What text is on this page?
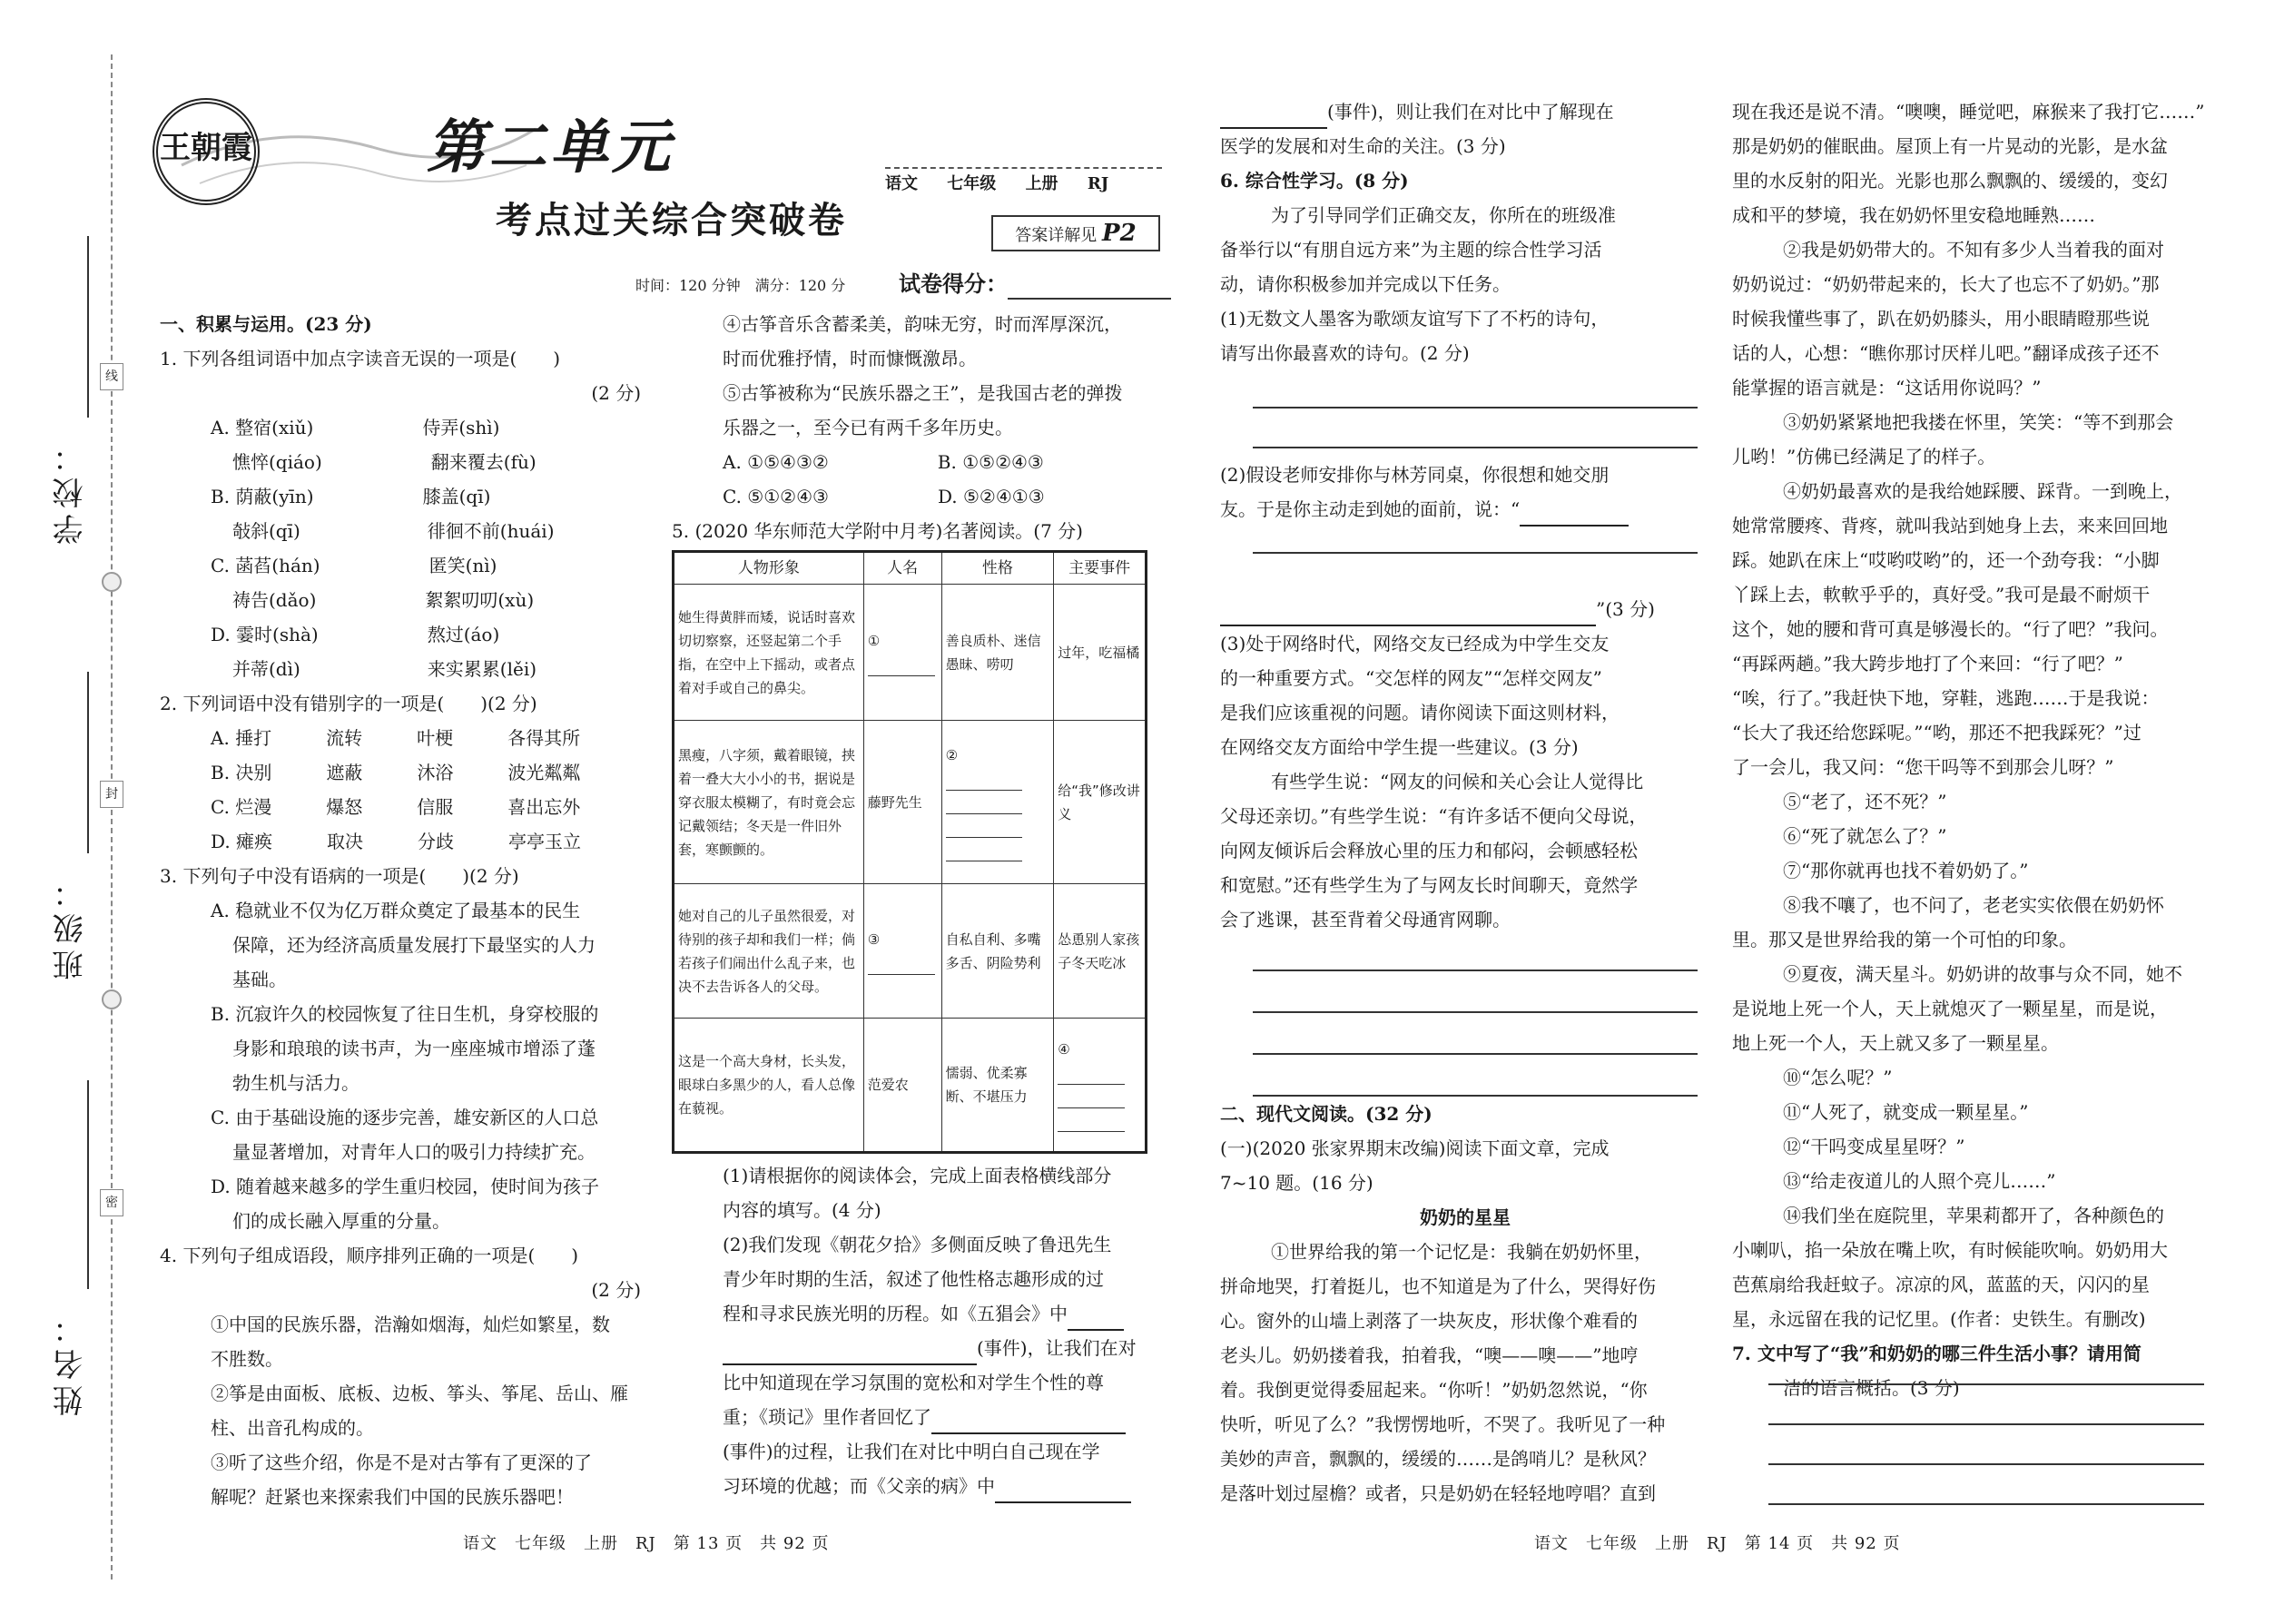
学校：
班级：
姓名：
线
封
密
王朝霞	第二单元
考点过关综合突破卷
语文 七年级 上册 RJ
答案详解见 P2
时间：120 分钟　 满分：120 分 试卷得分：

一、积累与运用。(23 分)

1. 下列各组词语中加点字读音无误的一项是(　　)

(2 分)

A. 整宿(xiǔ)　　　　　　侍弄(shì)

憔悴(qiáo)　　　　　　翻来覆去(fù)

B. 荫蔽(yīn)　　　　　　膝盖(qī)

敧斜(qī)　　　　　　　徘徊不前(huái)

C. 菡萏(hán)　　　　　　匿笑(nì)

祷告(dǎo)　　　　　　絮絮叨叨(xù)

D. 霎时(shà)　　　　　　熬过(áo)

并蒂(dì)　　　　　　　来实累累(lěi)

2. 下列词语中没有错别字的一项是(　　)(2 分)

A. 捶打　　　流转　　　叶梗　　　各得其所

B. 决别　　　遮蔽　　　沐浴　　　波光粼粼

C. 烂漫　　　爆怒　　　信服　　　喜出忘外

D. 瘫痪　　　取决　　　分歧　　　亭亭玉立

3. 下列句子中没有语病的一项是(　　)(2 分)

A. 稳就业不仅为亿万群众奠定了最基本的民生

保障，还为经济高质量发展打下最坚实的人力

基础。

B. 沉寂许久的校园恢复了往日生机，身穿校服的

身影和琅琅的读书声，为一座座城市增添了蓬

勃生机与活力。

C. 由于基础设施的逐步完善，雄安新区的人口总

量显著增加，对青年人口的吸引力持续扩充。

D. 随着越来越多的学生重归校园，使时间为孩子

们的成长融入厚重的分量。

4. 下列句子组成语段，顺序排列正确的一项是(　　)

(2 分)

①中国的民族乐器，浩瀚如烟海，灿烂如繁星，数

不胜数。

②筝是由面板、底板、边板、筝头、筝尾、岳山、雁

柱、出音孔构成的。

③听了这些介绍，你是不是对古筝有了更深的了

解呢？赶紧也来探索我们中国的民族乐器吧！

④古筝音乐含蓄柔美，韵味无穷，时而浑厚深沉，

时而优雅抒情，时而慷慨激昂。

⑤古筝被称为“民族乐器之王”，是我国古老的弹拨

乐器之一，至今已有两千多年历史。

A. ①⑤④③②　　　　　　B. ①⑤②④③

C. ⑤①②④③　　　　　　D. ⑤②④①③

5. (2020 华东师范大学附中月考)名著阅读。(7 分)

人物形象	人名	性格	主要事件
她生得黄胖而矮，说话时喜欢切切察察，还竖起第二个手指，在空中上下摇动，或者点着对手或自己的鼻尖。	①	善良质朴、迷信愚昧、唠叨	过年，吃福橘
黑瘦，八字须，戴着眼镜，挟着一叠大大小小的书，据说是穿衣服太模糊了，有时竟会忘记戴领结；冬天是一件旧外套，寒颤颤的。	藤野先生	②	给“我”修改讲义
她对自己的儿子虽然很爱，对待别的孩子却和我们一样；倘若孩子们闹出什么乱子来，也决不去告诉各人的父母。	③	自私自利、多嘴多舌、阴险势利	怂恿别人家孩子冬天吃冰
这是一个高大身材，长头发，眼球白多黑少的人，看人总像在藐视。	范爱农	懦弱、优柔寡断、不堪压力	④

(1)请根据你的阅读体会，完成上面表格横线部分

内容的填写。(4 分)

(2)我们发现《朝花夕拾》多侧面反映了鲁迅先生

青少年时期的生活，叙述了他性格志趣形成的过

程和寻求民族光明的历程。如《五猖会》中

(事件)，让我们在对

比中知道现在学习氛围的宽松和对学生个性的尊

重；《琐记》里作者回忆了

(事件)的过程，让我们在对比中明白自己现在学

习环境的优越；而《父亲的病》中

(事件)，则让我们在对比中了解现在

医学的发展和对生命的关注。(3 分)

6. 综合性学习。(8 分)

为了引导同学们正确交友，你所在的班级准

备举行以“有朋自远方来”为主题的综合性学习活

动，请你积极参加并完成以下任务。

(1)无数文人墨客为歌颂友谊写下了不朽的诗句，

请写出你最喜欢的诗句。(2 分)

(2)假设老师安排你与林芳同桌，你很想和她交朋

友。于是你主动走到她的面前，说：“

”(3 分)

(3)处于网络时代，网络交友已经成为中学生交友

的一种重要方式。“交怎样的网友”“怎样交网友”

是我们应该重视的问题。请你阅读下面这则材料，

在网络交友方面给中学生提一些建议。(3 分)

有些学生说：“网友的问候和关心会让人觉得比

父母还亲切。”有些学生说：“有许多话不便向父母说，

向网友倾诉后会释放心里的压力和郁闷，会顿感轻松

和宽慰。”还有些学生为了与网友长时间聊天，竟然学

会了逃课，甚至背着父母通宵网聊。

二、现代文阅读。(32 分)

(一)(2020 张家界期末改编)阅读下面文章，完成

7~10 题。(16 分)

奶奶的星星

①世界给我的第一个记忆是：我躺在奶奶怀里，

拼命地哭，打着挺儿，也不知道是为了什么，哭得好伤

心。窗外的山墙上剥落了一块灰皮，形状像个难看的

老头儿。奶奶搂着我，拍着我，“噢——噢——”地哼

着。我倒更觉得委屈起来。“你听！”奶奶忽然说，“你

快听，听见了么？”我愣愣地听，不哭了。我听见了一种

美妙的声音，飘飘的，缓缓的……是鸽哨儿？是秋风？

是落叶划过屋檐？或者，只是奶奶在轻轻地哼唱？直到

现在我还是说不清。“噢噢，睡觉吧，麻猴来了我打它……”

那是奶奶的催眠曲。屋顶上有一片晃动的光影，是水盆

里的水反射的阳光。光影也那么飘飘的、缓缓的，变幻

成和平的梦境，我在奶奶怀里安稳地睡熟……

②我是奶奶带大的。不知有多少人当着我的面对

奶奶说过：“奶奶带起来的，长大了也忘不了奶奶。”那

时候我懂些事了，趴在奶奶膝头，用小眼睛瞪那些说

话的人，心想：“瞧你那讨厌样儿吧。”翻译成孩子还不

能掌握的语言就是：“这话用你说吗？”

③奶奶紧紧地把我搂在怀里，笑笑：“等不到那会

儿哟！”仿佛已经满足了的样子。

④奶奶最喜欢的是我给她踩腰、踩背。一到晚上，

她常常腰疼、背疼，就叫我站到她身上去，来来回回地

踩。她趴在床上“哎哟哎哟”的，还一个劲夸我：“小脚

丫踩上去，軟軟乎乎的，真好受。”我可是最不耐烦干

这个，她的腰和背可真是够漫长的。“行了吧？”我问。

“再踩两趟。”我大跨步地打了个来回：“行了吧？”

“唉，行了。”我赶快下地，穿鞋，逃跑……于是我说：

“长大了我还给您踩呢。”“哟，那还不把我踩死？”过

了一会儿，我又问：“您干吗等不到那会儿呀？”

⑤“老了，还不死？”

⑥“死了就怎么了？”

⑦“那你就再也找不着奶奶了。”

⑧我不嚷了，也不问了，老老实实依偎在奶奶怀

里。那又是世界给我的第一个可怕的印象。

⑨夏夜，满天星斗。奶奶讲的故事与众不同，她不

是说地上死一个人，天上就熄灭了一颗星星，而是说，

地上死一个人，天上就又多了一颗星星。

⑩“怎么呢？”

⑪“人死了，就变成一颗星星。”

⑫“干吗变成星星呀？”

⑬“给走夜道儿的人照个亮儿……”

⑭我们坐在庭院里，苹果莉都开了，各种颜色的

小喇叭，掐一朵放在嘴上吹，有时候能吹响。奶奶用大

芭蕉扇给我赶蚊子。凉凉的风，蓝蓝的天，闪闪的星

星，永远留在我的记忆里。(作者：史铁生。有删改)

7. 文中写了“我”和奶奶的哪三件生活小事？请用简

洁的语言概括。(3 分)

语文　七年级　上册　RJ　第 13 页　共 92 页	语文　七年级　上册　RJ　第 14 页　共 92 页
